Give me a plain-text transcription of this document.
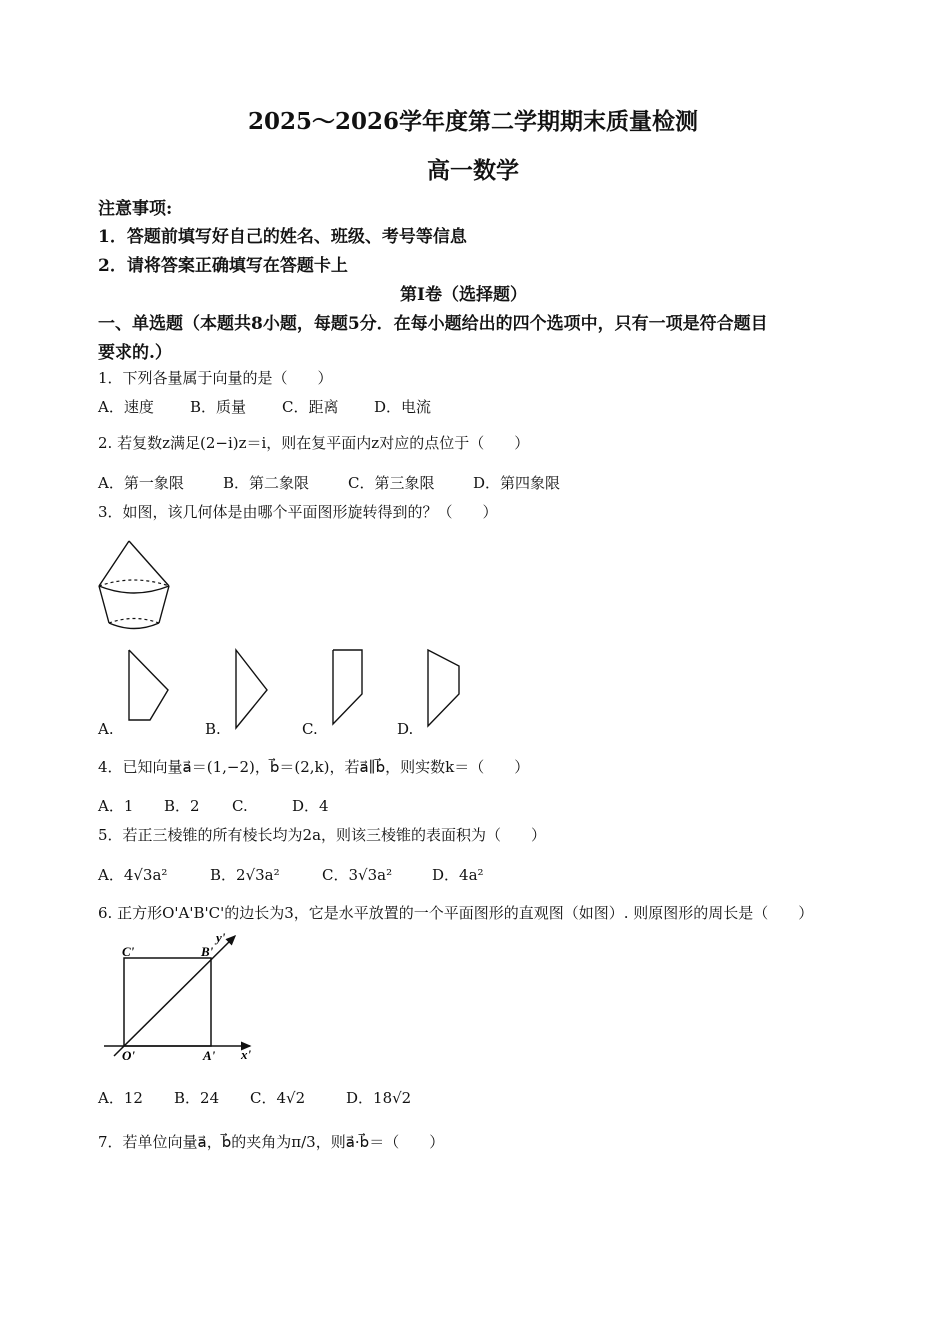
2025～2026学年度第二学期期末质量检测
高一数学
注意事项:
1．答题前填写好自己的姓名、班级、考号等信息
2．请将答案正确填写在答题卡上
第Ⅰ卷（选择题）
一、单选题（本题共8小题，每题5分．在每小题给出的四个选项中，只有一项是符合题目
要求的.）
1．下列各量属于向量的是（　　）
A．速度 B．质量 C．距离 D．电流
2. 若复数z满足(2−i)z＝i，则在复平面内z对应的点位于（　　）
A．第一象限	B．第二象限	C．第三象限	D．第四象限
3．如图，该几何体是由哪个平面图形旋转得到的？（　　）
A.	B.	C.	D.
4．已知向量a⃗＝(1,−2)，b⃗＝(2,k)，若a⃗∥b⃗，则实数k＝（　　）
A．1 B．2 C.	D．4
5．若正三棱锥的所有棱长均为2a，则该三棱锥的表面积为（　　）
A．4√3a²	B．2√3a²	C．3√3a²	D．4a²
6. 正方形O'A'B'C'的边长为3，它是水平放置的一个平面图形的直观图（如图）. 则原图形的周长是（　　）
C'	B'
y'
O'	A' x'
A．12 B．24 C．4√2	D．18√2
7．若单位向量a⃗，b⃗的夹角为π/3，则a⃗·b⃗＝（　　）
